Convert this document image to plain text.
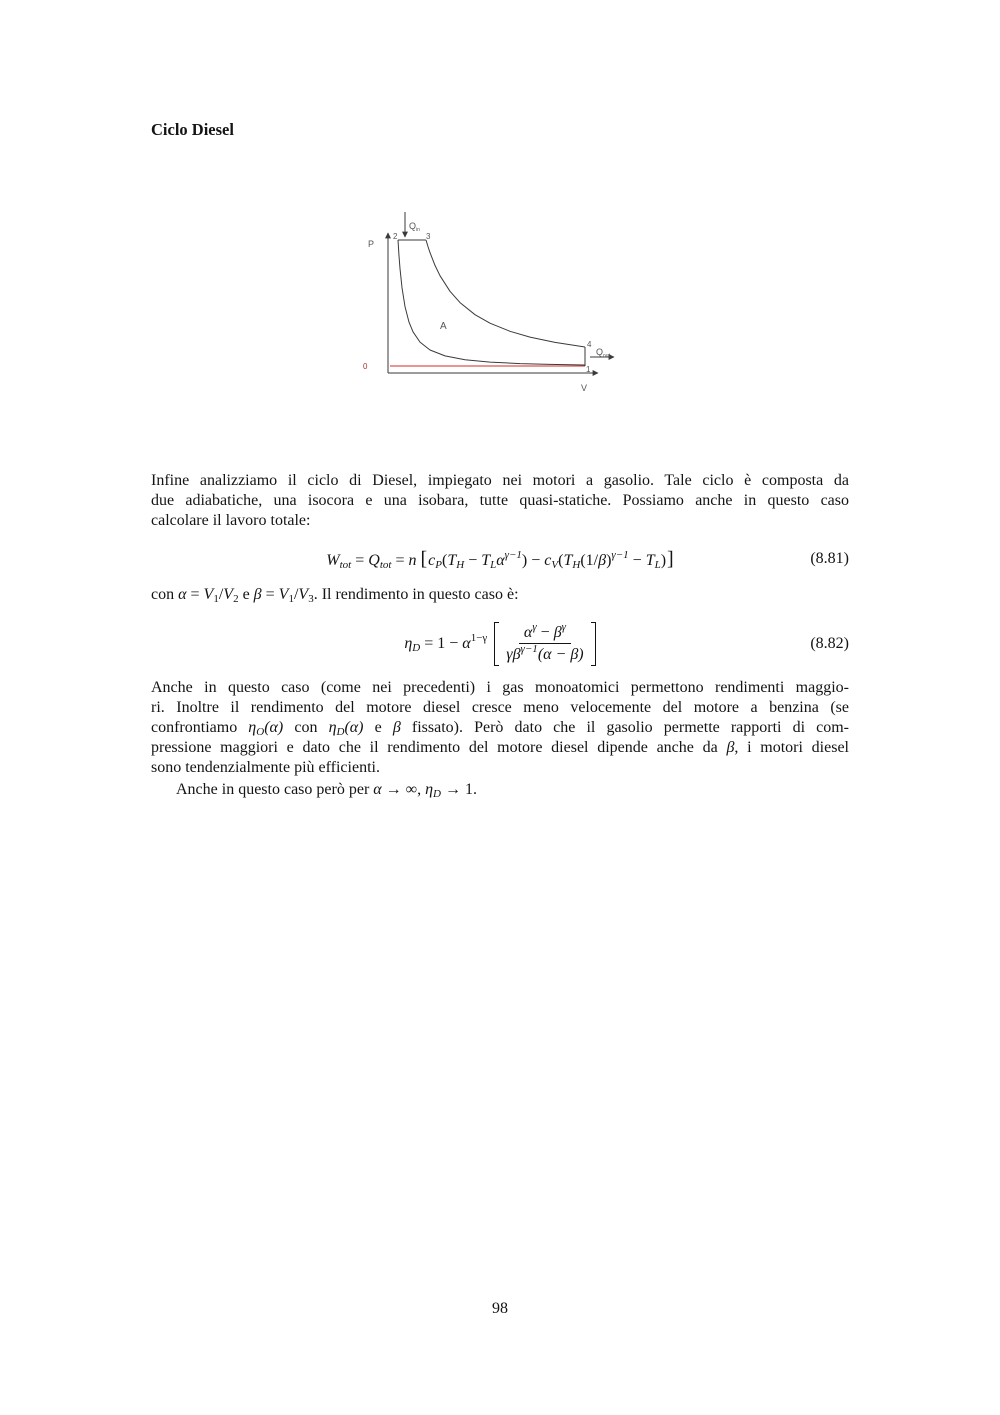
Ciclo Diesel
P
V
2	3
4
0	1
A
$Q_{in}$
$Q_{out}$
Infine analizziamo il ciclo di Diesel, impiegato nei motori a gasolio. Tale ciclo è composta da
due adiabatiche, una isocora e una isobara, tutte quasi-statiche. Possiamo anche in questo caso
calcolare il lavoro totale:
$W_{tot} = Q_{tot} = n$ $[c_P(T_H - T_L\alpha^{\gamma-1}) - c_V(T_H(1/\beta)^{\gamma-1} - T_L)]$	(8.81)
con $\alpha = V_1/V_2$ e $\beta = V_1/V_3$. Il rendimento in questo caso è:
$\eta_D = 1 - \alpha^{1-\gamma} \frac{\alpha^\gamma - \beta^\gamma}{\gamma\beta^{\gamma-1}(\alpha - \beta)}$	(8.82)
Anche in questo caso (come nei precedenti) i gas monoatomici permettono rendimenti maggio-
ri. Inoltre il rendimento del motore diesel cresce meno velocemente del motore a benzina (se
confrontiamo $\eta_O(\alpha)$ con $\eta_D(\alpha)$ e β fissato). Però dato che il gasolio permette rapporti di com-
pressione maggiori e dato che il rendimento del motore diesel dipende anche da β, i motori diesel
sono tendenzialmente più efficienti.
Anche in questo caso però per α → ∞, $\eta_D \to 1$.
98
